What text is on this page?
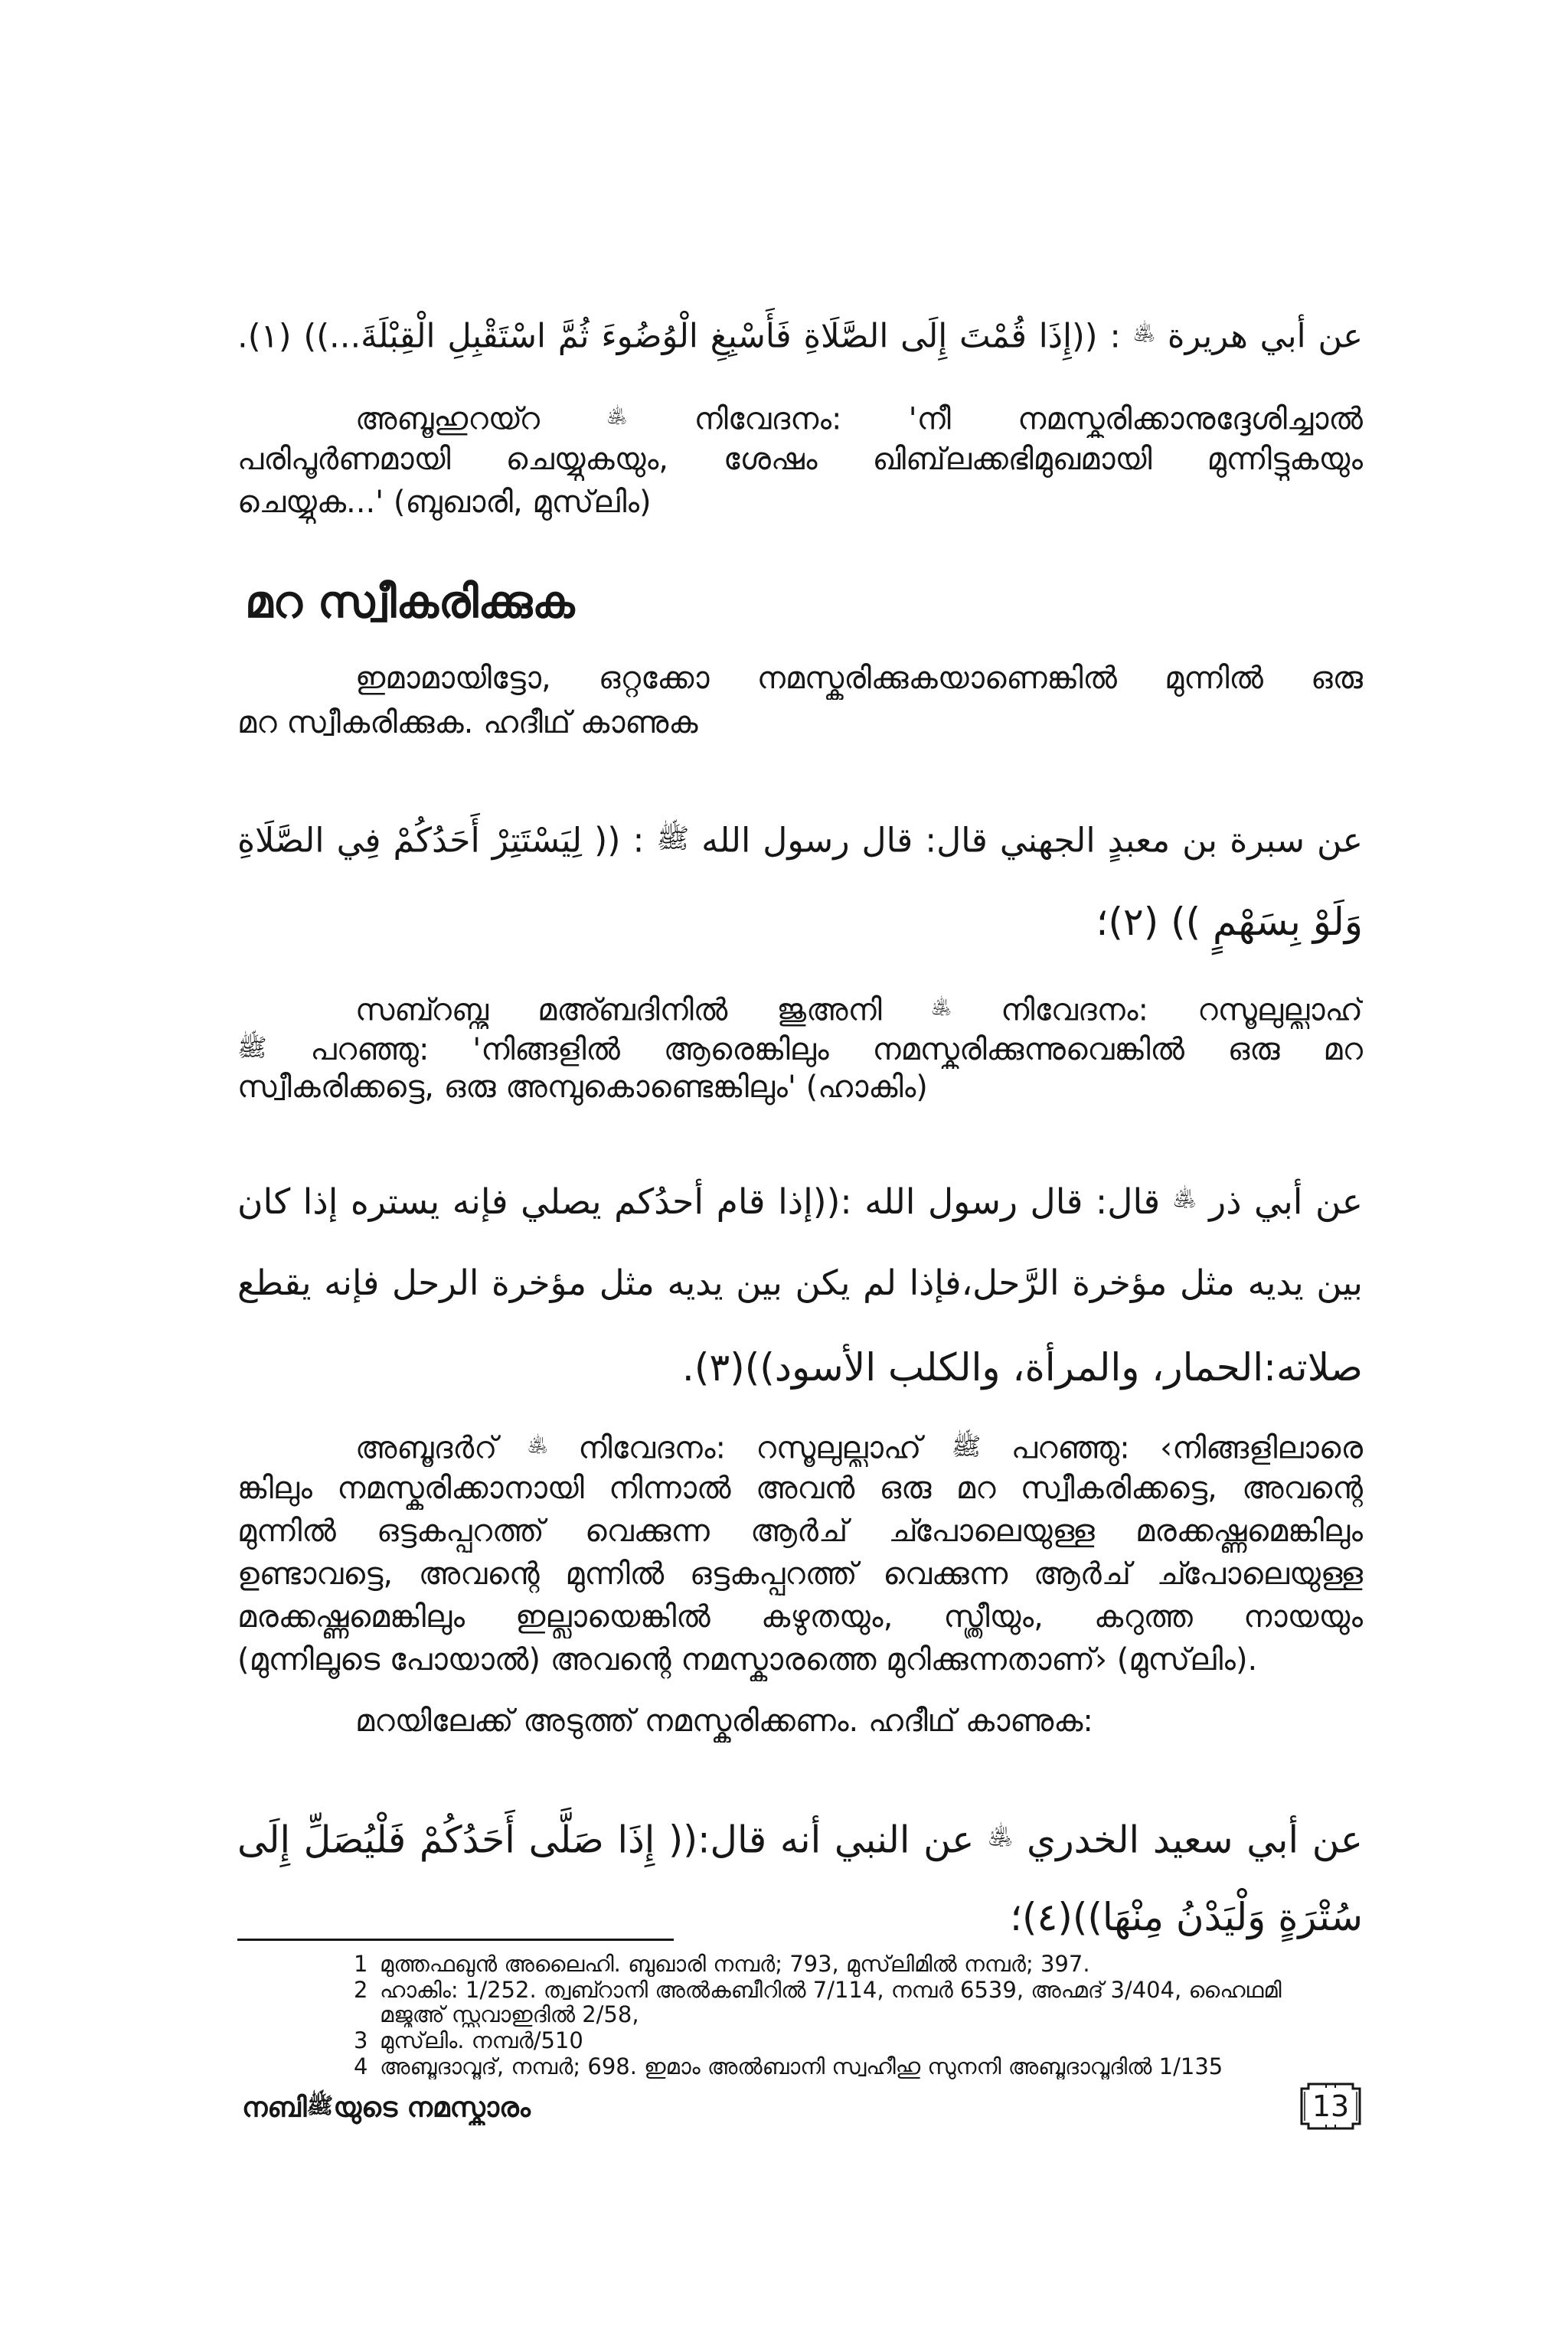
عن أبي هريرة ﵁ : ((إِذَا قُمْتَ إِلَى الصَّلَاةِ فَأَسْبِغِ الْوُضُوءَ ثُمَّ اسْتَقْبِلِ الْقِبْلَةَ...)) (١).
അബൂഹുറയ്റ ﵁ നിവേദനം: 'നീ നമസ്കരിക്കാനുദ്ദേശിച്ചാൽ
പരിപൂർണമായി ചെയ്യുകയും, ശേഷം ഖിബ്‌ലക്കഭിമുഖമായി മുന്നിട്ടുകയും
ചെയ്യുക...' (ബുഖാരി, മുസ്‌ലിം)
മറ സ്വീകരിക്കുക
ഇമാമായിട്ടോ, ഒറ്റക്കോ നമസ്കരിക്കുകയാണെങ്കിൽ മുന്നിൽ ഒരു
മറ സ്വീകരിക്കുക. ഹദീഥ് കാണുക
عن سبرة بن معبدٍ الجهني قال: قال رسول الله ﷺ : (( لِيَسْتَتِرْ أَحَدُكُمْ فِي الصَّلَاةِ
وَلَوْ بِسَهْمٍ )) (٢)؛
സബ്റബ്നു മഅ്ബദിനിൽ ജുഅനി ﵁ നിവേദനം: റസൂലുല്ലാഹ്
ﷺ പറഞ്ഞു: 'നിങ്ങളിൽ ആരെങ്കിലും നമസ്കരിക്കുന്നുവെങ്കിൽ ഒരു മറ
സ്വീകരിക്കട്ടെ, ഒരു അമ്പുകൊണ്ടെങ്കിലും' (ഹാകിം)
عن أبي ذر ﵁ قال: قال رسول الله :((إذا قام أحدُكم يصلي فإنه يستره إذا كان
بين يديه مثل مؤخرة الرَّحل،فإذا لم يكن بين يديه مثل مؤخرة الرحل فإنه يقطع
صلاته:الحمار، والمرأة، والكلب الأسود))(٣).
അബൂദർറ് ﵁ നിവേദനം: റസൂലുല്ലാഹ് ﷺ പറഞ്ഞു: ‹നിങ്ങളിലാരെ
ങ്കിലും നമസ്കരിക്കാനായി നിന്നാൽ അവൻ ഒരു മറ സ്വീകരിക്കട്ടെ, അവന്റെ
മുന്നിൽ ഒട്ടകപ്പുറത്ത് വെക്കുന്ന ആർച് ച്പോലെയുള്ള മരക്കഷ്ണമെങ്കിലും
ഉണ്ടാവട്ടെ, അവന്റെ മുന്നിൽ ഒട്ടകപ്പുറത്ത് വെക്കുന്ന ആർച് ച്പോലെയുള്ള
മരക്കഷ്ണമെങ്കിലും ഇല്ലായെങ്കിൽ കഴുതയും, സ്ത്രീയും, കറുത്ത നായയും
(മുന്നിലൂടെ പോയാൽ) അവന്റെ നമസ്കാരത്തെ മുറിക്കുന്നതാണ്› (മുസ്‌ലിം).
മറയിലേക്ക് അടുത്ത് നമസ്കരിക്കണം. ഹദീഥ് കാണുക:
عن أبي سعيد الخدري ﵁ عن النبي أنه قال:(( إِذَا صَلَّى أَحَدُكُمْ فَلْيُصَلِّ إِلَى
سُتْرَةٍ وَلْيَدْنُ مِنْهَا))(٤)؛
1 മുത്തഫഖുൻ അലൈഹി. ബുഖാരി നമ്പർ; 793, മുസ്‌ലിമിൽ നമ്പർ; 397.
2 ഹാകിം: 1/252. ത്വബ്റാനി അൽകബീറിൽ 7/114, നമ്പർ 6539, അഹ്മദ് 3/404, ഹൈഥമി
മജ്മഅ് സ്സവാഇദിൽ 2/58,
3 മുസ്‌ലിം. നമ്പർ/510
4 അബൂദാവൂദ്, നമ്പർ; 698. ഇമാം അൽബാനി സ്വഹീഹു സുനനി അബൂദാവൂദിൽ 1/135
നബിﷺയുടെ നമസ്കാരം	13
